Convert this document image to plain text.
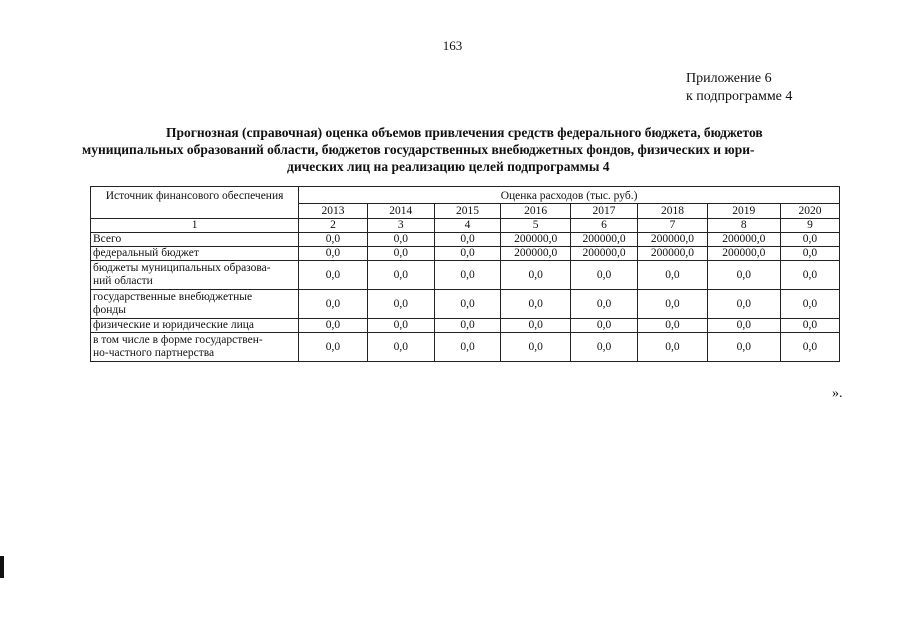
163
Приложение 6
к подпрограмме 4
Прогнозная (справочная) оценка объемов привлечения средств федерального бюджета, бюджетов
муниципальных образований области, бюджетов государственных внебюджетных фондов, физических и юри-
дических лиц на реализацию целей подпрограммы 4
Источник финансового обеспечения	Оценка расходов (тыс. руб.)							
	2013	2014	2015	2016	2017	2018	2019	2020
1	2	3	4	5	6	7	8	9
Всего	0,0	0,0	0,0	200000,0	200000,0	200000,0	200000,0	0,0
федеральный бюджет	0,0	0,0	0,0	200000,0	200000,0	200000,0	200000,0	0,0
бюджеты муниципальных образова-
ний области	0,0	0,0	0,0	0,0	0,0	0,0	0,0	0,0
государственные внебюджетные
фонды	0,0	0,0	0,0	0,0	0,0	0,0	0,0	0,0
физические и юридические лица	0,0	0,0	0,0	0,0	0,0	0,0	0,0	0,0
в том числе в форме государствен-
но-частного партнерства	0,0	0,0	0,0	0,0	0,0	0,0	0,0	0,0
».
